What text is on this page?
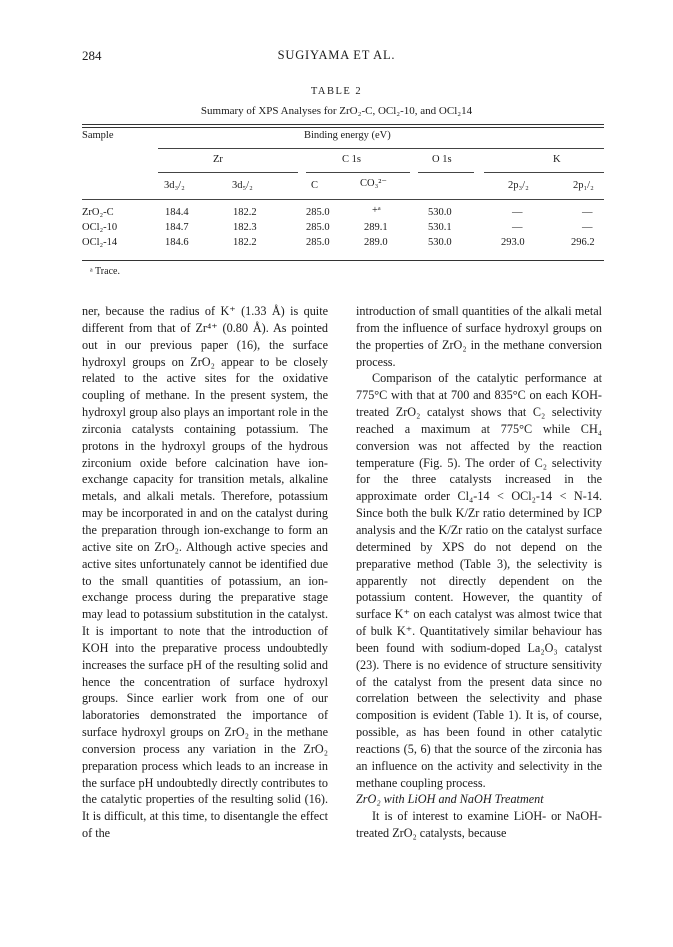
284	SUGIYAMA ET AL.
TABLE 2
Summary of XPS Analyses for ZrO₂-C, OCl₂-10, and OCl₂14
Sample	Binding energy (eV)
Zr	C 1s	O 1s	K
3d₃/₂	3d₅/₂	C	CO₃²⁻	2p₃/₂	2p₁/₂
ZrO₂-C	184.4	182.2	285.0	+ᵃ	530.0	—	—
OCl₂-10	184.7	182.3	285.0	289.1	530.1	—	—
OCl₂-14	184.6	182.2	285.0	289.0	530.0	293.0	296.2
ᵃ Trace.

ner, because the radius of K⁺ (1.33 Å) is quite different from that of Zr⁴⁺ (0.80 Å). As pointed out in our previous paper (16), the surface hydroxyl groups on ZrO₂ appear to be closely related to the active sites for the oxidative coupling of methane. In the present system, the hydroxyl group also plays an important role in the zirconia catalysts containing potassium. The protons in the hydroxyl groups of the hydrous zirconium oxide before calcination have ion-exchange capacity for transition metals, alkaline metals, and alkali metals. Therefore, potassium may be incorporated in and on the catalyst during the preparation through ion-exchange to form an active site on ZrO₂. Although active species and active sites unfortunately cannot be identified due to the small quantities of potassium, an ion-exchange process during the preparative stage may lead to potassium substitution in the catalyst. It is important to note that the introduction of KOH into the preparative process undoubtedly increases the surface pH of the resulting solid and hence the concentration of surface hydroxyl groups. Since earlier work from one of our laboratories demonstrated the importance of surface hydroxyl groups on ZrO₂ in the methane conversion process any variation in the ZrO₂ preparation process which leads to an increase in the surface pH undoubtedly directly contributes to the catalytic properties of the resulting solid (16). It is difficult, at this time, to disentangle the effect of the

introduction of small quantities of the alkali metal from the influence of surface hydroxyl groups on the properties of ZrO₂ in the methane conversion process.

Comparison of the catalytic performance at 775°C with that at 700 and 835°C on each KOH-treated ZrO₂ catalyst shows that C₂ selectivity reached a maximum at 775°C while CH₄ conversion was not affected by the reaction temperature (Fig. 5). The order of C₂ selectivity for the three catalysts increased in the approximate order Cl₄-14 < OCl₂-14 < N-14. Since both the bulk K/Zr ratio determined by ICP analysis and the K/Zr ratio on the catalyst surface determined by XPS do not depend on the preparative method (Table 3), the selectivity is apparently not directly dependent on the potassium content. However, the quantity of surface K⁺ on each catalyst was almost twice that of bulk K⁺. Quantitatively similar behaviour has been found with sodium-doped La₂O₃ catalyst (23). There is no evidence of structure sensitivity of the catalyst from the present data since no correlation between the selectivity and phase composition is evident (Table 1). It is, of course, possible, as has been found in other catalytic reactions (5, 6) that the source of the zirconia has an influence on the activity and selectivity in the methane coupling process.

ZrO₂ with LiOH and NaOH Treatment

It is of interest to examine LiOH- or NaOH-treated ZrO₂ catalysts, because
